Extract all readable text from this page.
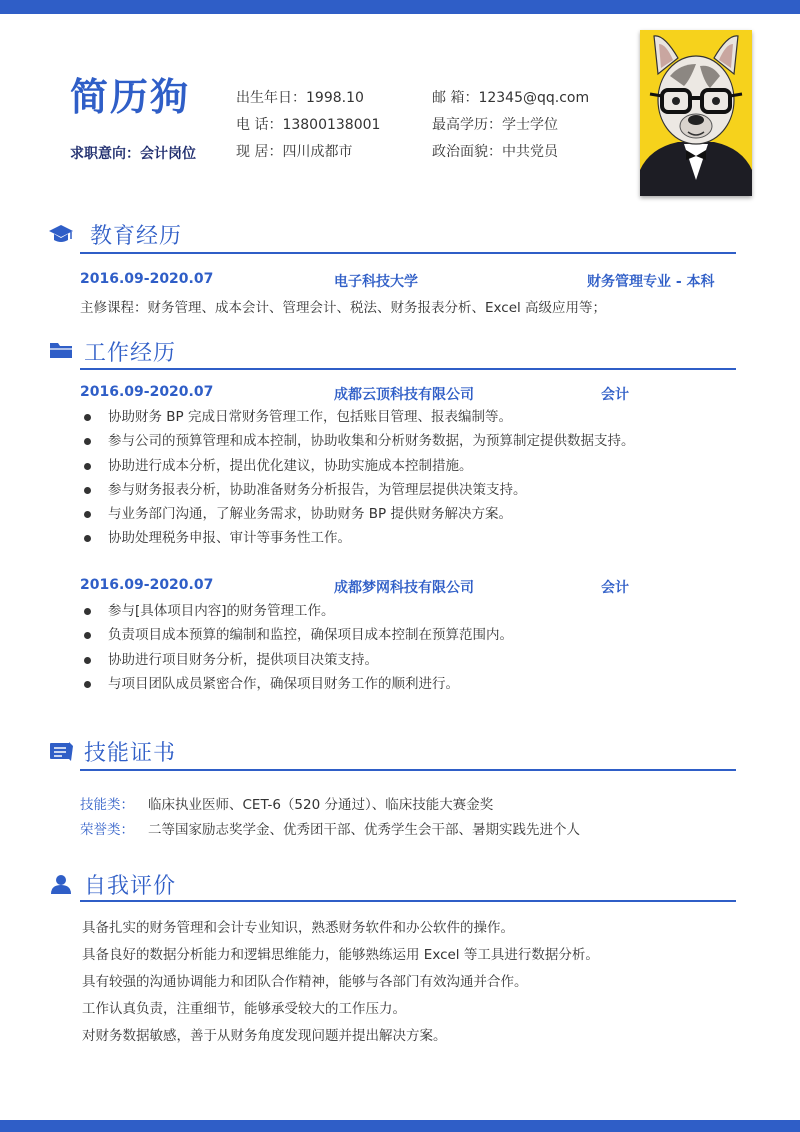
简历狗
求职意向：会计岗位
出生年日：1998.10
电 话：13800138001
现 居：四川成都市
邮 箱：12345@qq.com
最高学历：学士学位
政治面貌：中共党员
教育经历
2016.09-2020.07	电子科技大学	财务管理专业 - 本科
主修课程：财务管理、成本会计、管理会计、税法、财务报表分析、Excel 高级应用等；
工作经历
2016.09-2020.07	成都云顶科技有限公司	会计
协助财务 BP 完成日常财务管理工作，包括账目管理、报表编制等。
参与公司的预算管理和成本控制，协助收集和分析财务数据，为预算制定提供数据支持。
协助进行成本分析，提出优化建议，协助实施成本控制措施。
参与财务报表分析，协助准备财务分析报告，为管理层提供决策支持。
与业务部门沟通，了解业务需求，协助财务 BP 提供财务解决方案。
协助处理税务申报、审计等事务性工作。
2016.09-2020.07	成都梦网科技有限公司	会计
参与[具体项目内容]的财务管理工作。
负责项目成本预算的编制和监控，确保项目成本控制在预算范围内。
协助进行项目财务分析，提供项目决策支持。
与项目团队成员紧密合作，确保项目财务工作的顺利进行。
技能证书
技能类： 临床执业医师、CET-6（520 分通过）、临床技能大赛金奖
荣誉类： 二等国家励志奖学金、优秀团干部、优秀学生会干部、暑期实践先进个人
自我评价
具备扎实的财务管理和会计专业知识，熟悉财务软件和办公软件的操作。
具备良好的数据分析能力和逻辑思维能力，能够熟练运用 Excel 等工具进行数据分析。
具有较强的沟通协调能力和团队合作精神，能够与各部门有效沟通并合作。
工作认真负责，注重细节，能够承受较大的工作压力。
对财务数据敏感，善于从财务角度发现问题并提出解决方案。
